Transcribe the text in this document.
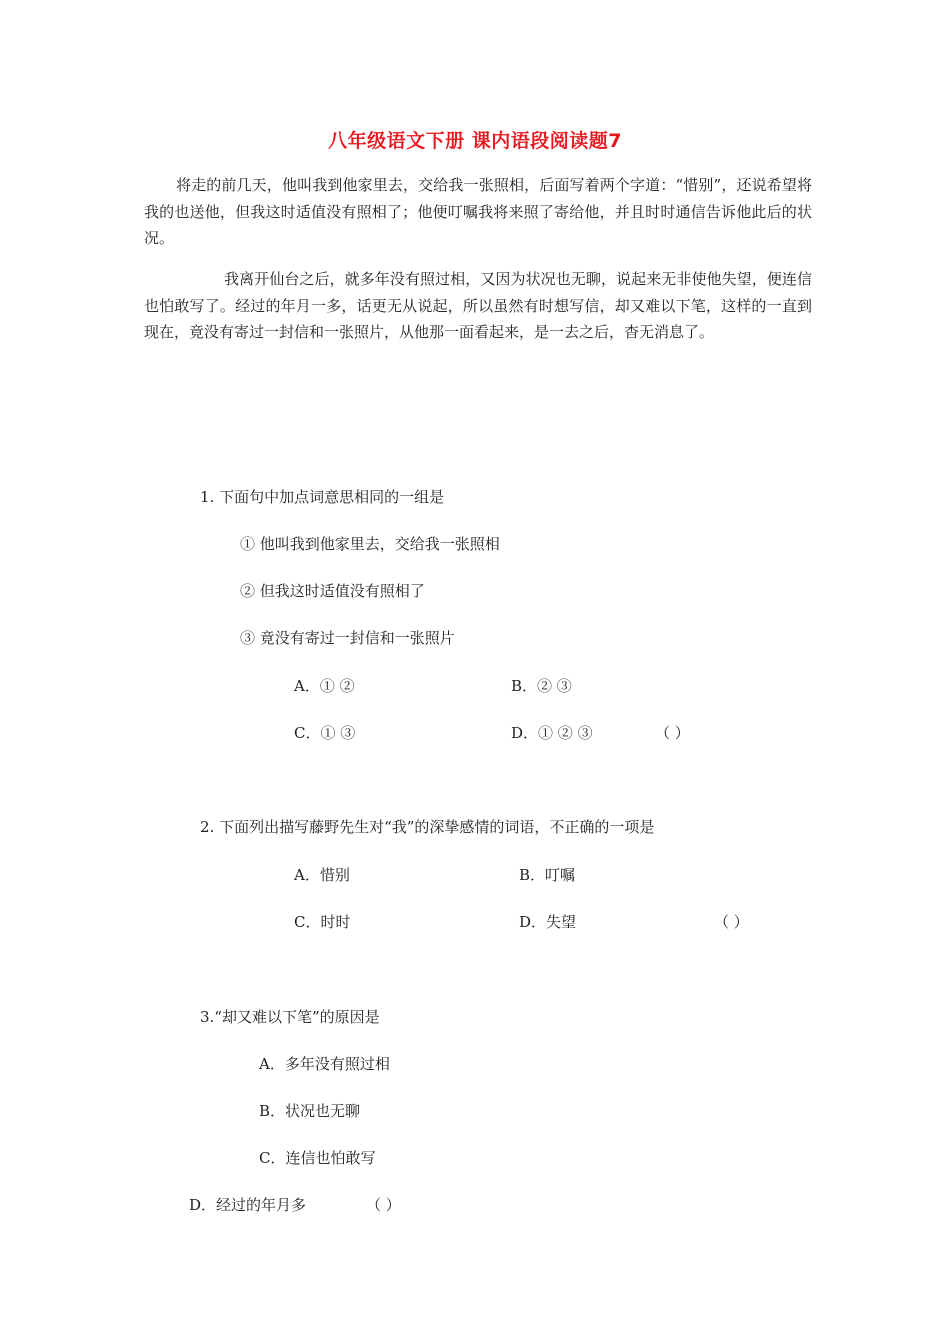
八年级语文下册 课内语段阅读题7
将走的前几天，他叫我到他家里去，交给我一张照相，后面写着两个字道：“惜别”，还说希望将我的也送他，但我这时适值没有照相了；他便叮嘱我将来照了寄给他，并且时时通信告诉他此后的状况。
我离开仙台之后，就多年没有照过相，又因为状况也无聊，说起来无非使他失望，便连信也怕敢写了。经过的年月一多，话更无从说起，所以虽然有时想写信，却又难以下笔，这样的一直到现在，竟没有寄过一封信和一张照片，从他那一面看起来，是一去之后，杳无消息了。
1. 下面句中加点词意思相同的一组是
① 他叫我到他家里去，交给我一张照相
② 但我这时适值没有照相了
③ 竟没有寄过一封信和一张照片
A．① ②	B．② ③
C．① ③	D．① ② ③	（ ）
2. 下面列出描写藤野先生对“我”的深挚感情的词语，不正确的一项是
A．惜别	B．叮嘱
C．时时	D．失望	（ ）
3.“却又难以下笔”的原因是
A．多年没有照过相
B．状况也无聊
C．连信也怕敢写
D．经过的年月多	（ ）
